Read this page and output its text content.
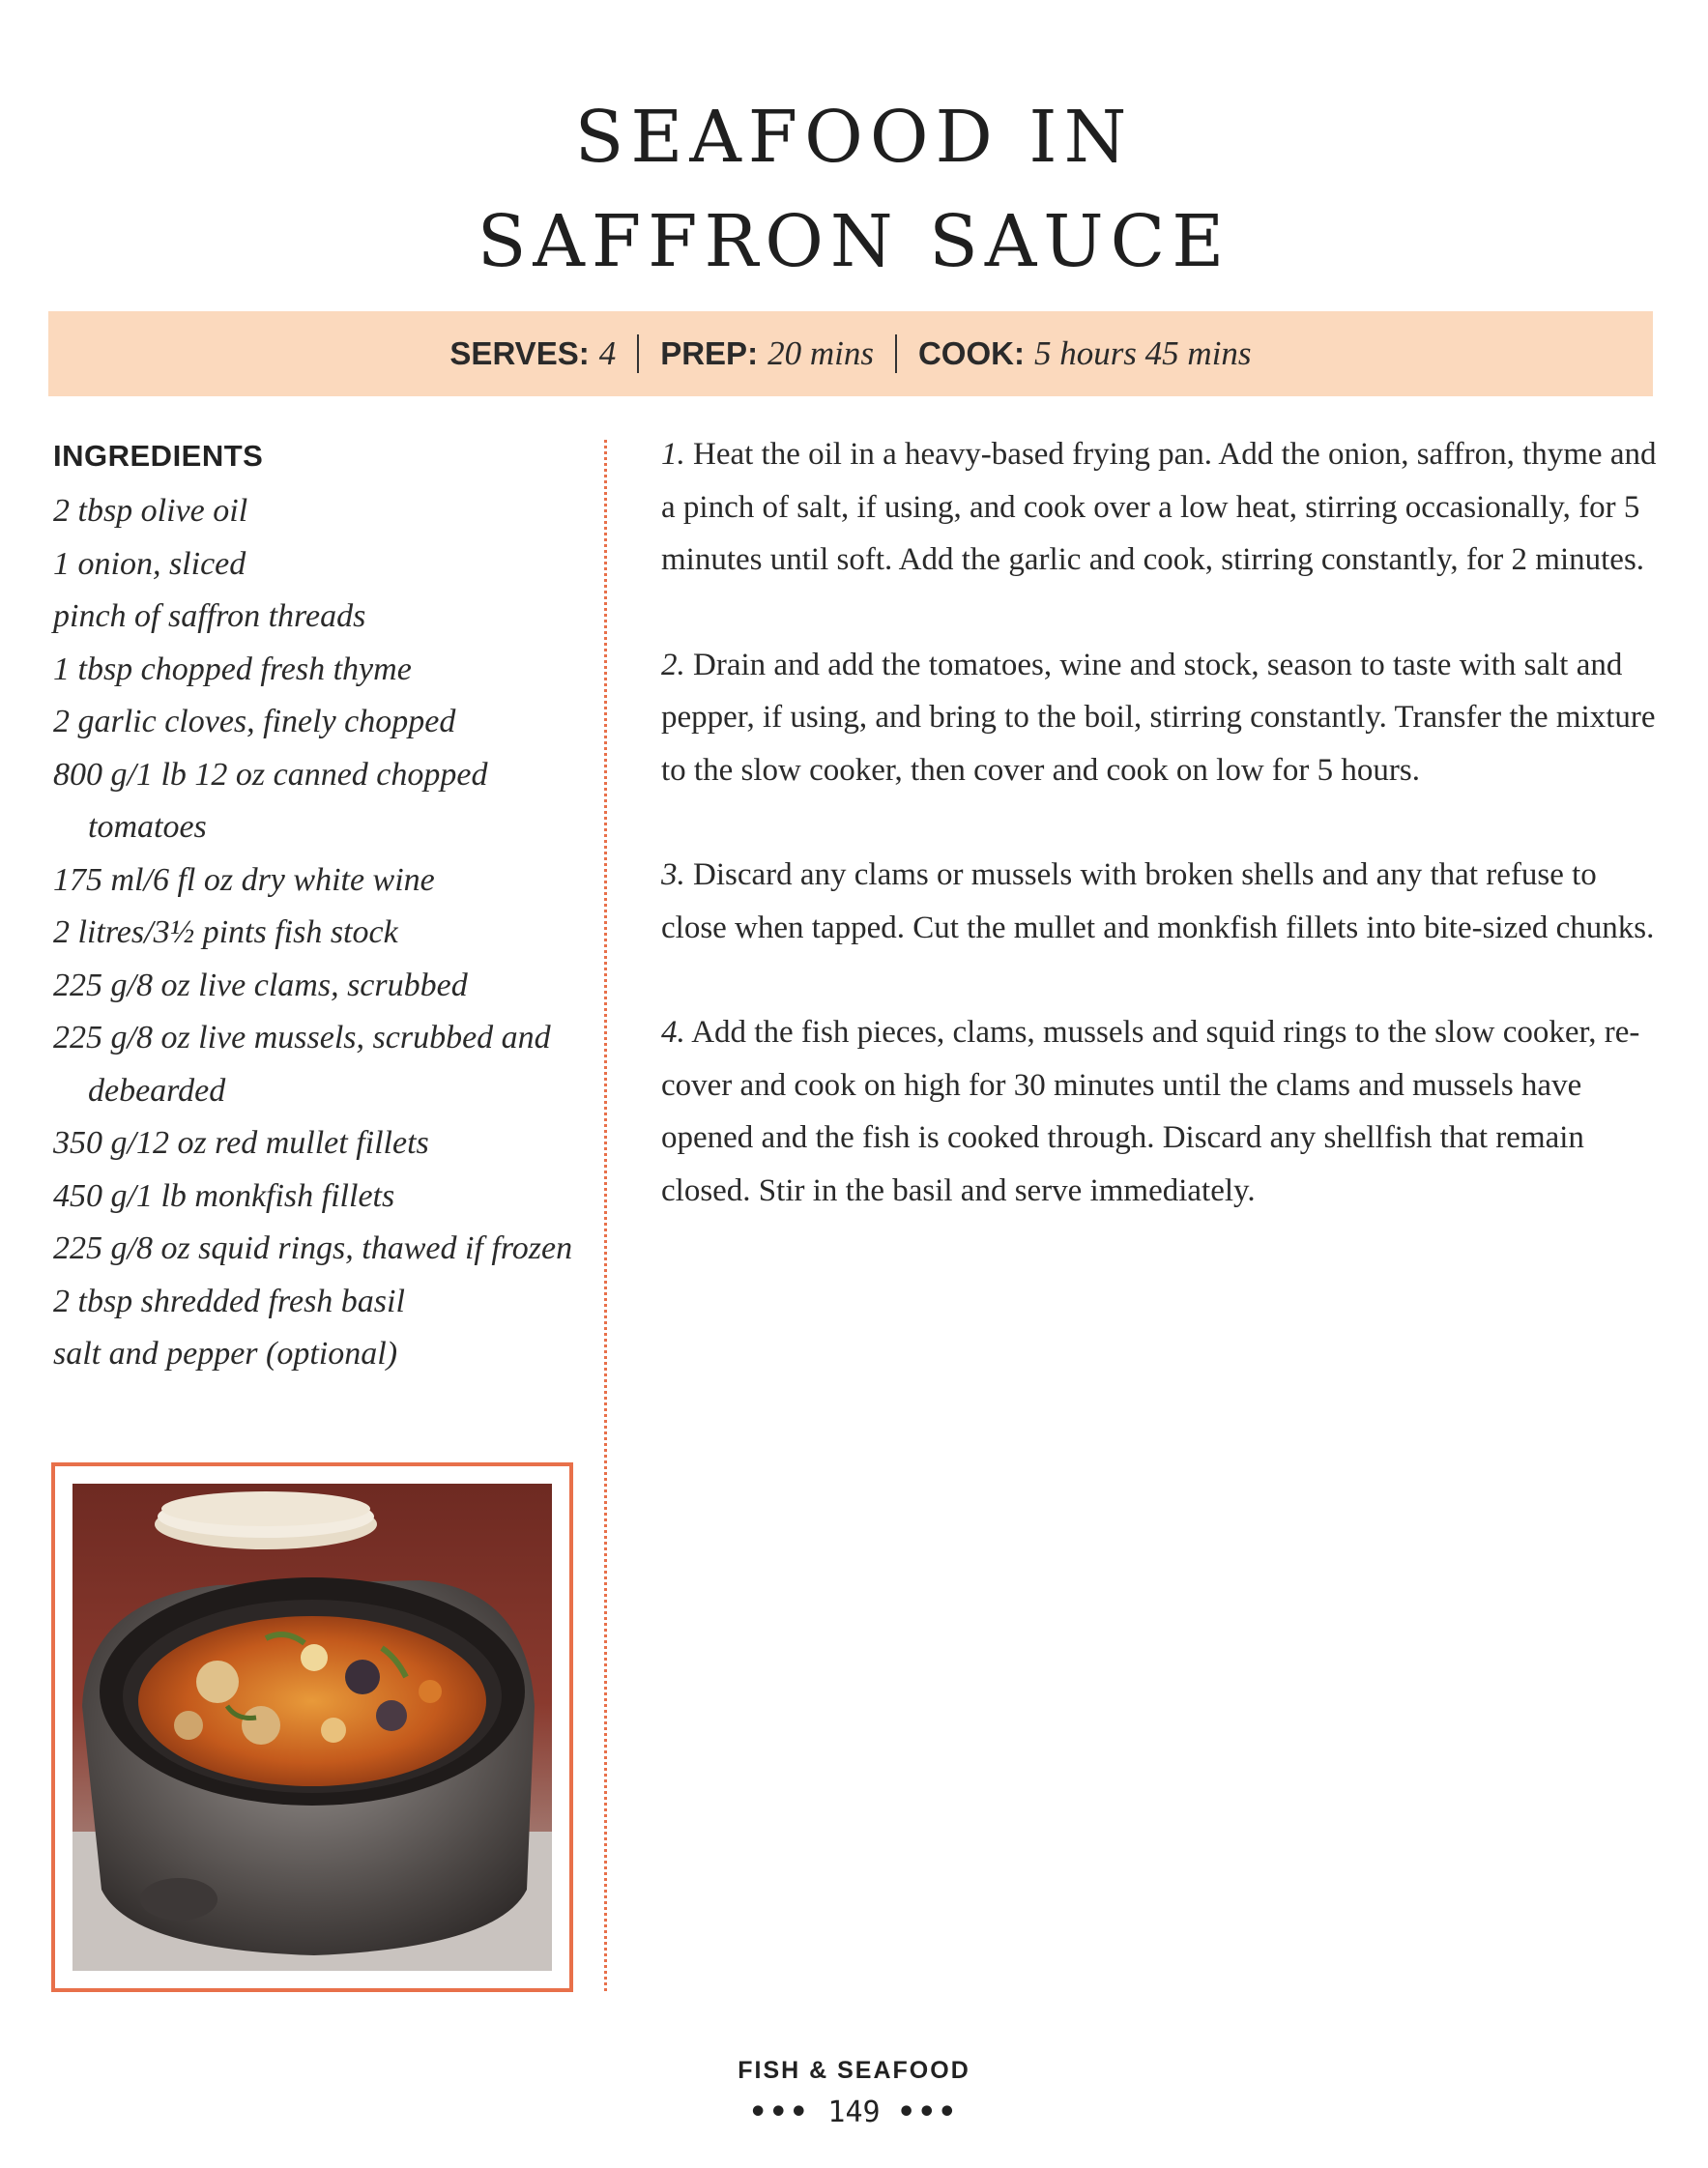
SEAFOOD IN
SAFFRON SAUCE
SERVES: 4 PREP: 20 mins COOK: 5 hours 45 mins
INGREDIENTS
2 tbsp olive oil
1 onion, sliced
pinch of saffron threads
1 tbsp chopped fresh thyme
2 garlic cloves, finely chopped
800 g/1 lb 12 oz canned chopped tomatoes
175 ml/6 fl oz dry white wine
2 litres/3½ pints fish stock
225 g/8 oz live clams, scrubbed
225 g/8 oz live mussels, scrubbed and debearded
350 g/12 oz red mullet fillets
450 g/1 lb monkfish fillets
225 g/8 oz squid rings, thawed if frozen
2 tbsp shredded fresh basil
salt and pepper (optional)

1. Heat the oil in a heavy-based frying pan. Add the onion, saffron, thyme and a pinch of salt, if using, and cook over a low heat, stirring occasionally, for 5 minutes until soft. Add the garlic and cook, stirring constantly, for 2 minutes.

2. Drain and add the tomatoes, wine and stock, season to taste with salt and pepper, if using, and bring to the boil, stirring constantly. Transfer the mixture to the slow cooker, then cover and cook on low for 5 hours.

3. Discard any clams or mussels with broken shells and any that refuse to close when tapped. Cut the mullet and monkfish fillets into bite-sized chunks.

4. Add the fish pieces, clams, mussels and squid rings to the slow cooker, re-cover and cook on high for 30 minutes until the clams and mussels have opened and the fish is cooked through. Discard any shellfish that remain closed. Stir in the basil and serve immediately.

FISH & SEAFOOD
••• 149 •••
